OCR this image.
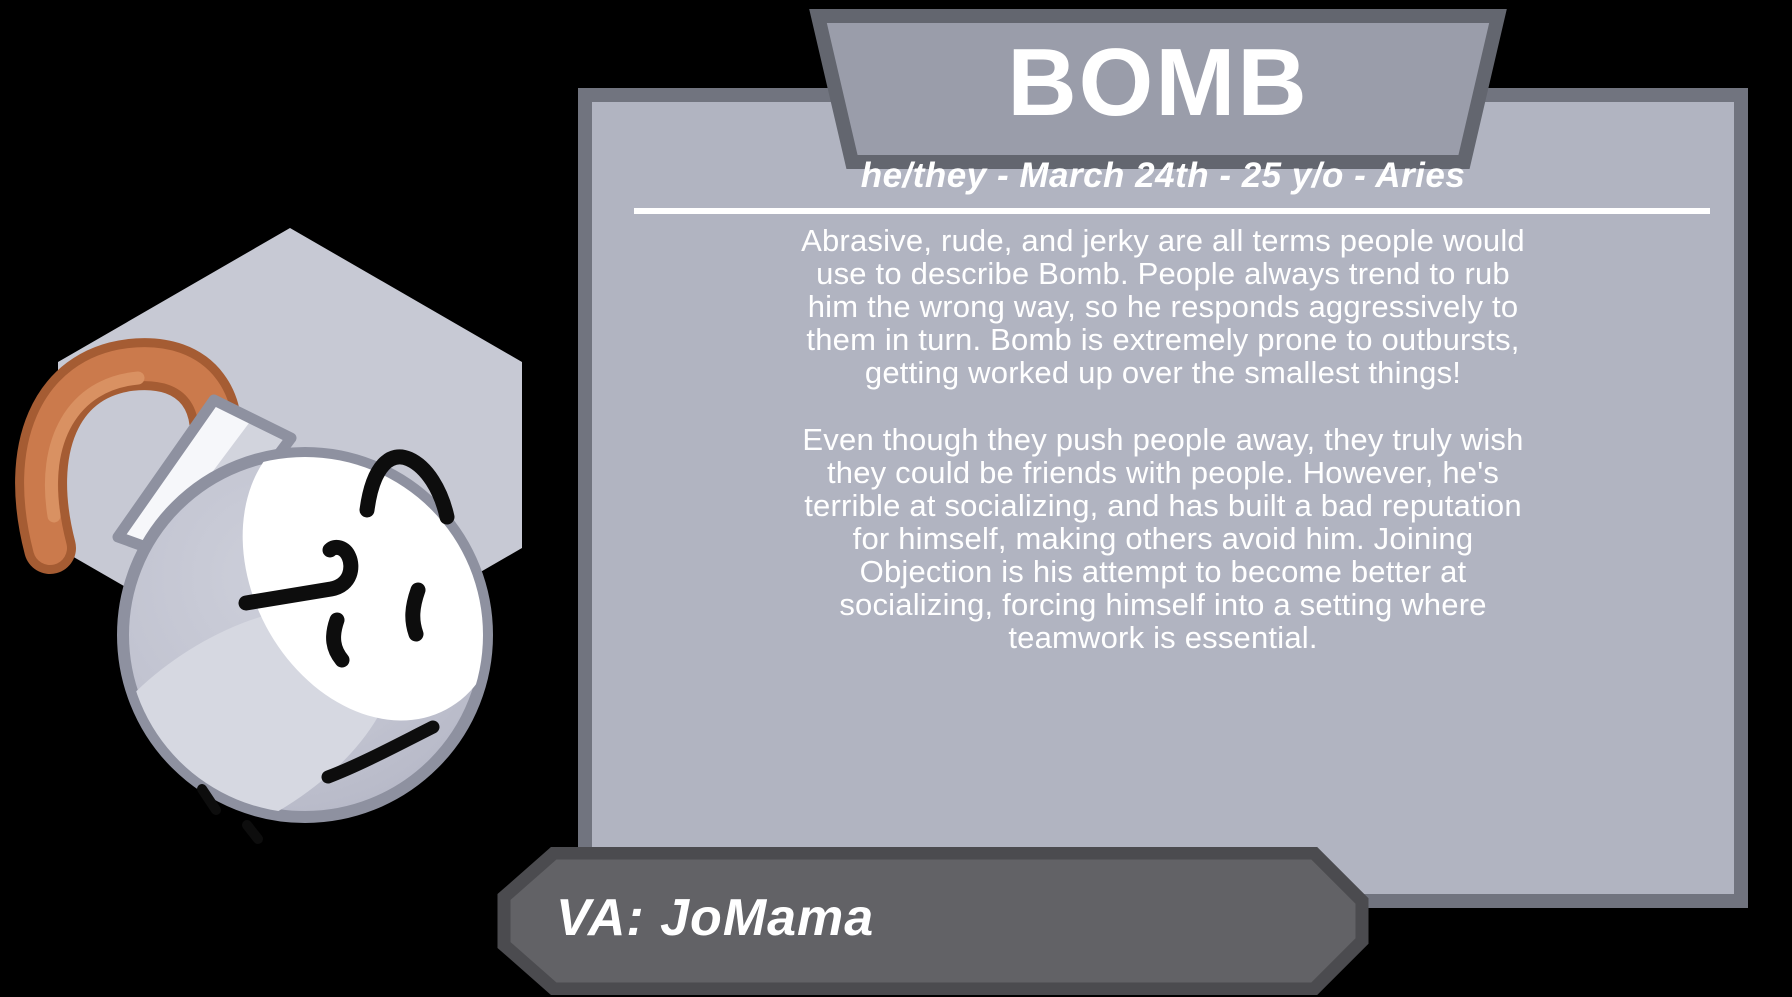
BOMB
he/they - March 24th - 25 y/o - Aries
Abrasive, rude, and jerky are all terms people would
use to describe Bomb. People always trend to rub
him the wrong way, so he responds aggressively to
them in turn. Bomb is extremely prone to outbursts,
getting worked up over the smallest things!
Even though they push people away, they truly wish
they could be friends with people. However, he's
terrible at socializing, and has built a bad reputation
for himself, making others avoid him. Joining
Objection is his attempt to become better at
socializing, forcing himself into a setting where
teamwork is essential.
VA: JoMama
